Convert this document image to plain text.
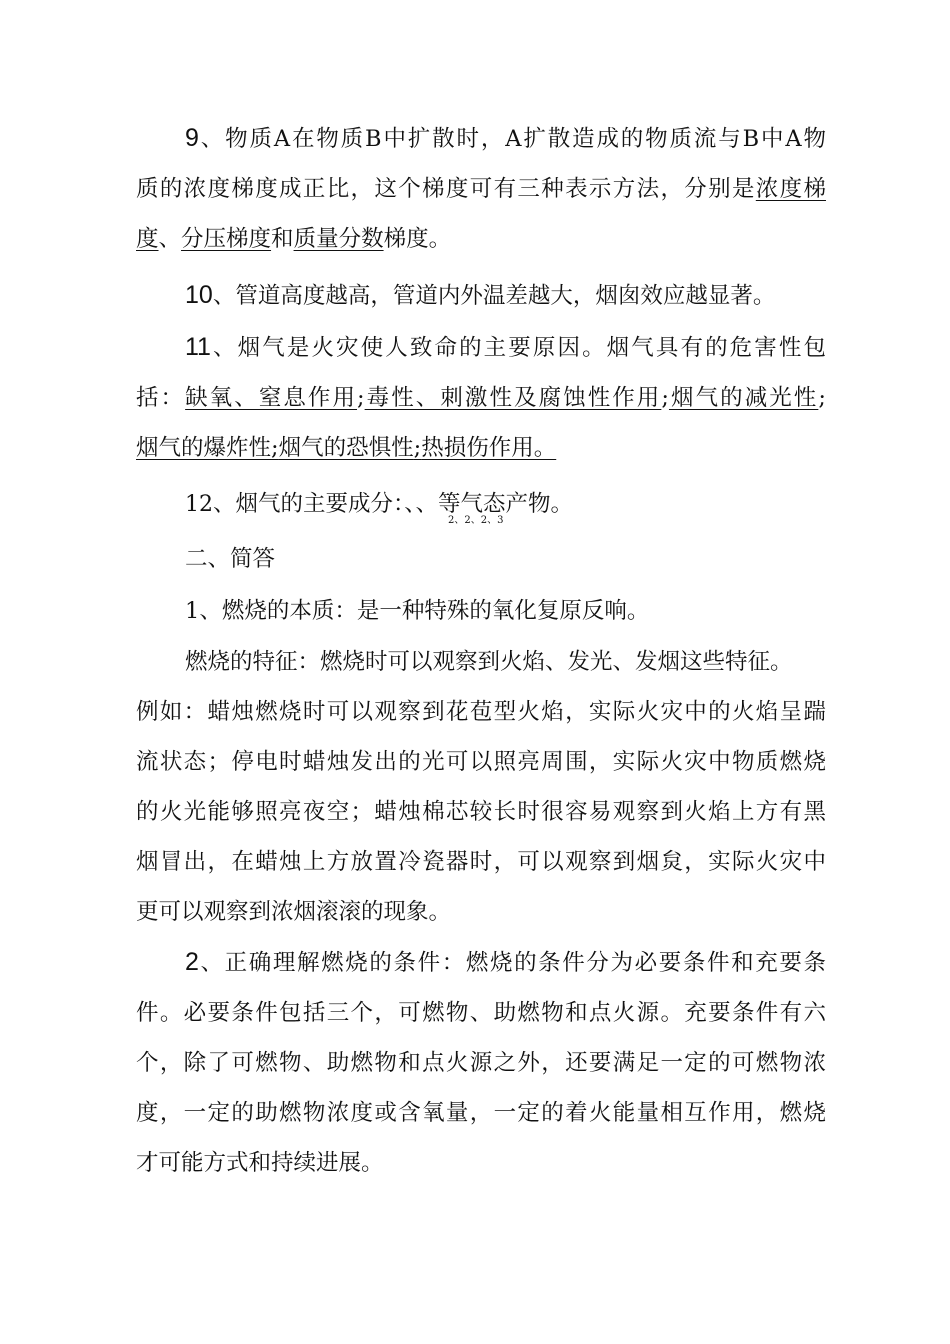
9、物质A在物质B中扩散时，A扩散造成的物质流与B中A物
质的浓度梯度成正比，这个梯度可有三种表示方法，分别是浓度梯
度、分压梯度和质量分数梯度。
10、管道高度越高，管道内外温差越大，烟囱效应越显著。
11、烟气是火灾使人致命的主要原因。烟气具有的危害性包
括：缺氧、窒息作用;毒性、刺激性及腐蚀性作用;烟气的减光性;
烟气的爆炸性;烟气的恐惧性;热损伤作用。
12、烟气的主要成分：、、等气态产物。
2、2、2、3
二、简答
1、燃烧的本质：是一种特殊的氧化复原反响。
燃烧的特征：燃烧时可以观察到火焰、发光、发烟这些特征。
例如：蜡烛燃烧时可以观察到花苞型火焰，实际火灾中的火焰呈踹
流状态；停电时蜡烛发出的光可以照亮周围，实际火灾中物质燃烧
的火光能够照亮夜空；蜡烛棉芯较长时很容易观察到火焰上方有黑
烟冒出，在蜡烛上方放置冷瓷器时，可以观察到烟炱，实际火灾中
更可以观察到浓烟滚滚的现象。
2、正确理解燃烧的条件：燃烧的条件分为必要条件和充要条
件。必要条件包括三个，可燃物、助燃物和点火源。充要条件有六
个，除了可燃物、助燃物和点火源之外，还要满足一定的可燃物浓
度，一定的助燃物浓度或含氧量，一定的着火能量相互作用，燃烧
才可能方式和持续进展。
